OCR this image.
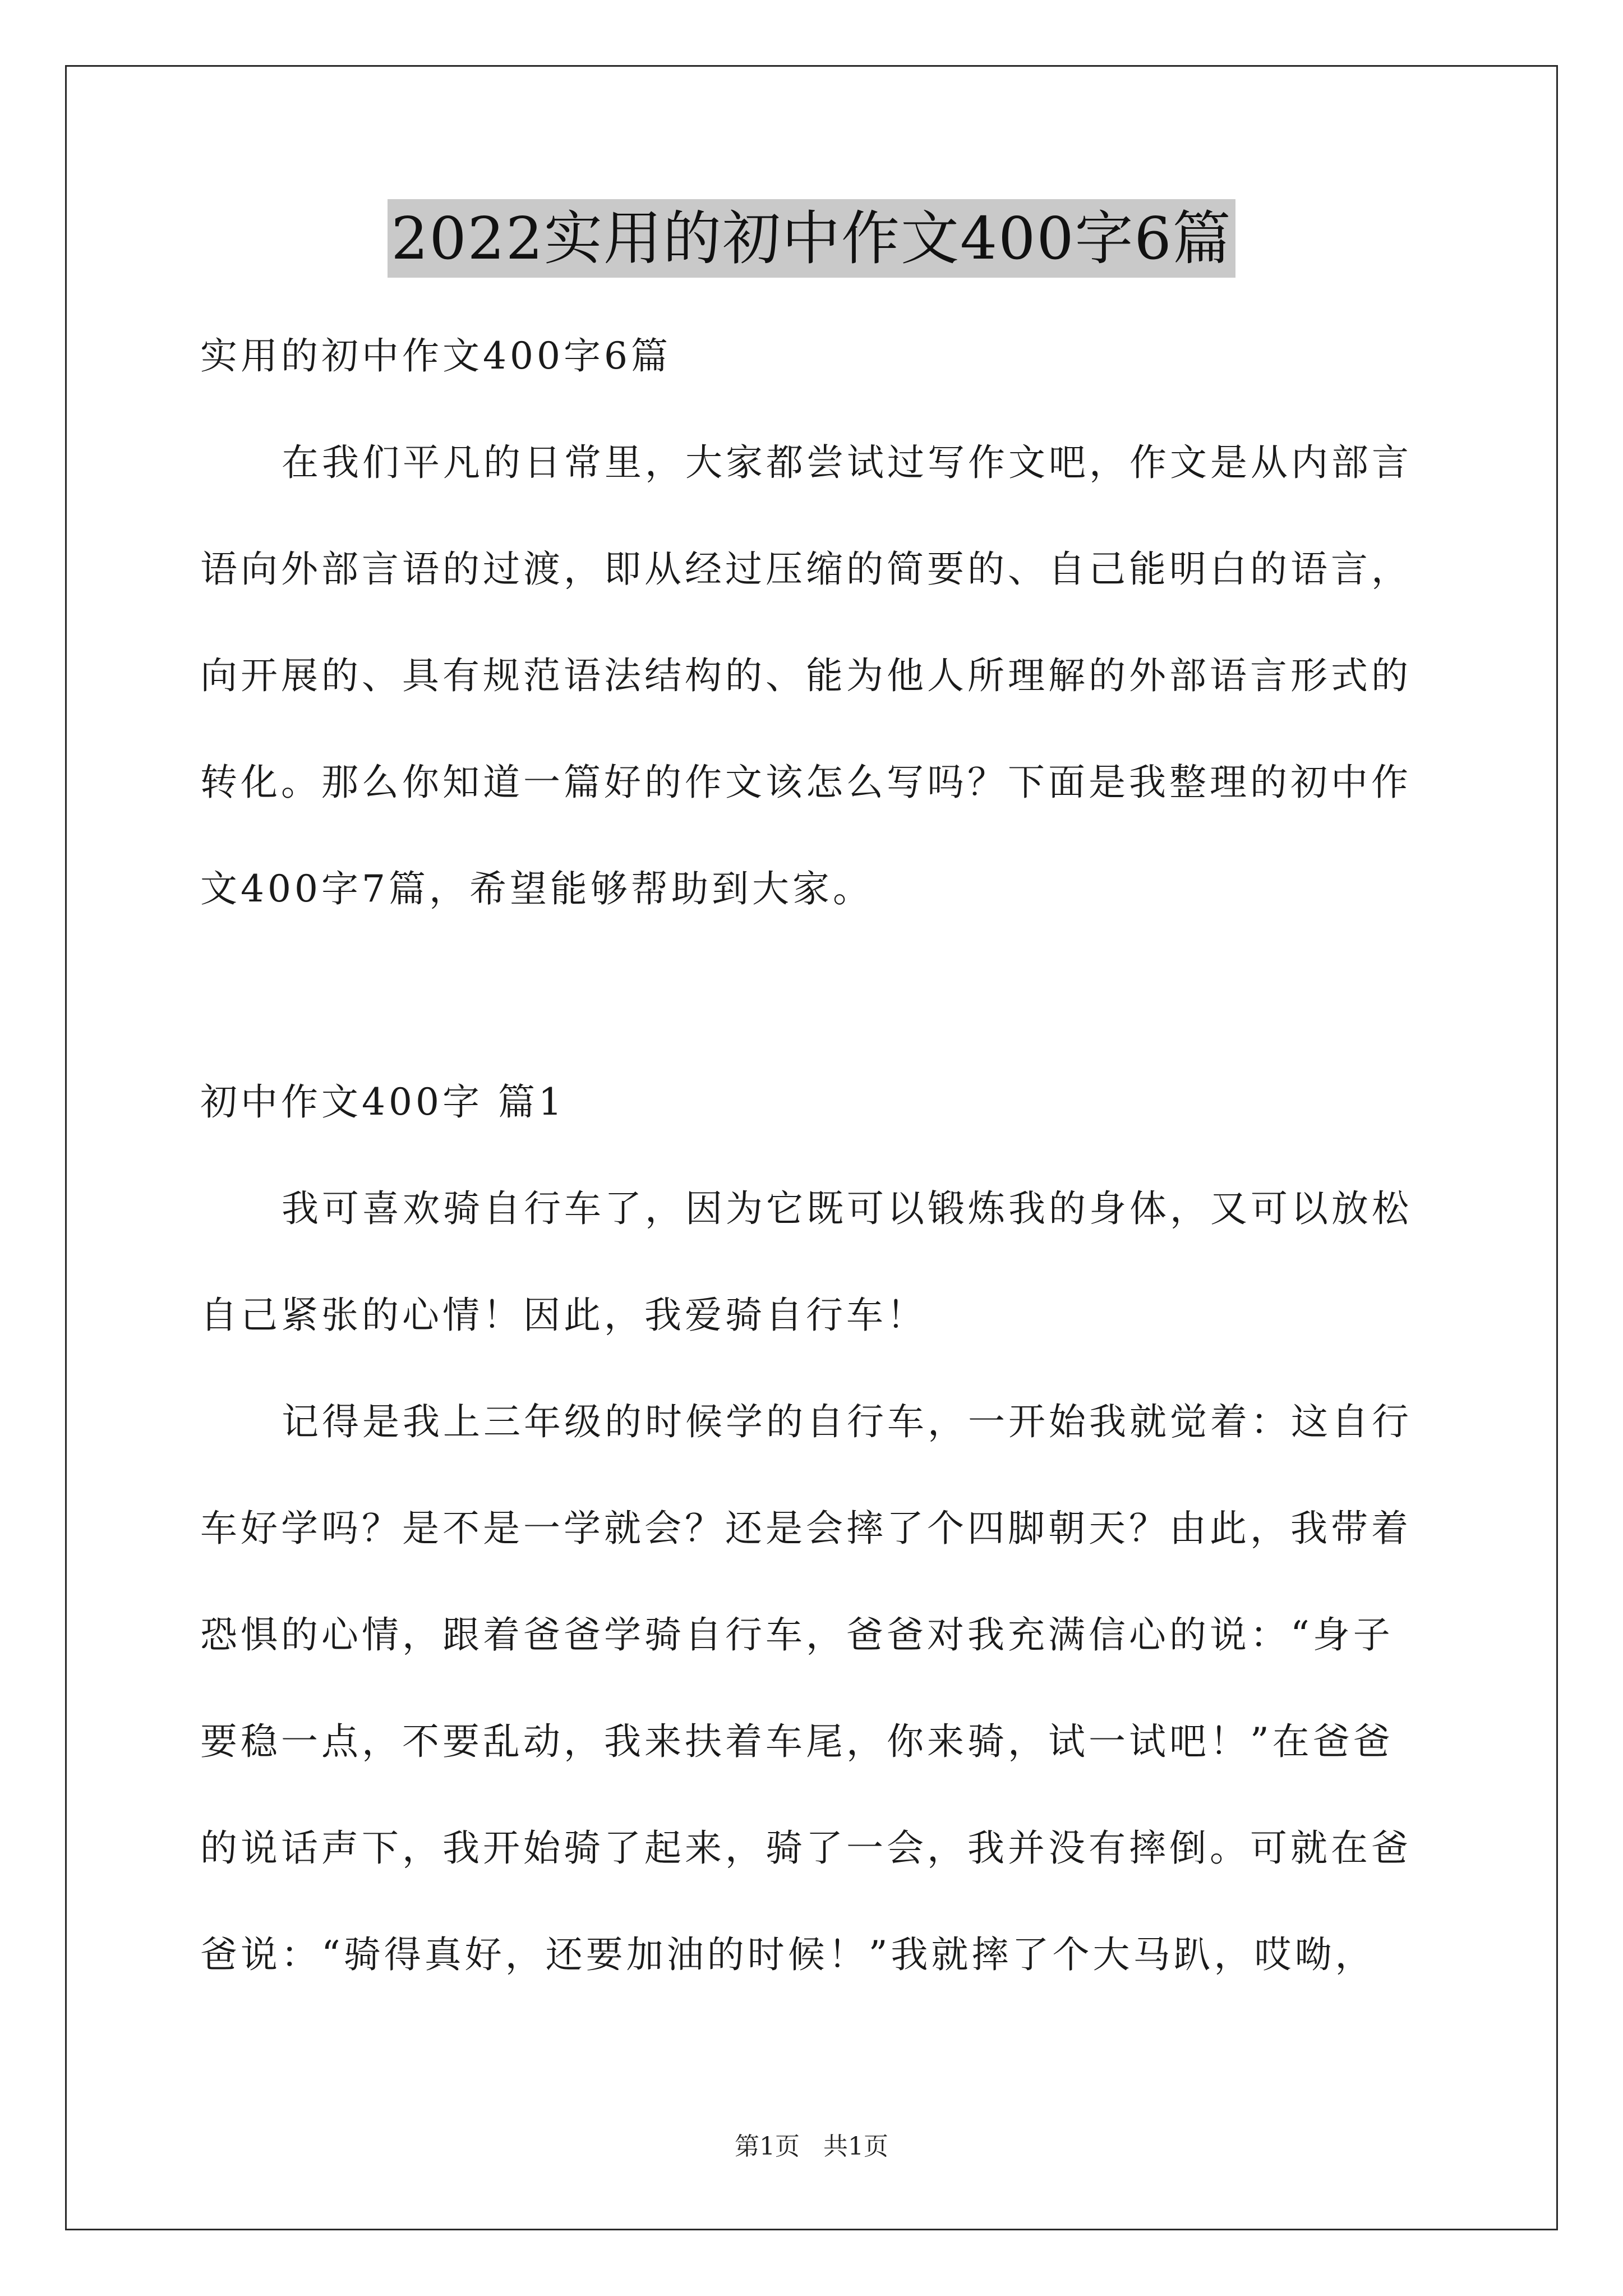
2022实用的初中作文400字6篇
实用的初中作文400字6篇
在我们平凡的日常里，大家都尝试过写作文吧，作文是从内部言
语向外部言语的过渡，即从经过压缩的简要的、自己能明白的语言，
向开展的、具有规范语法结构的、能为他人所理解的外部语言形式的
转化。那么你知道一篇好的作文该怎么写吗？下面是我整理的初中作
文400字7篇，希望能够帮助到大家。
初中作文400字 篇1
我可喜欢骑自行车了，因为它既可以锻炼我的身体，又可以放松
自己紧张的心情！因此，我爱骑自行车！
记得是我上三年级的时候学的自行车，一开始我就觉着：这自行
车好学吗？是不是一学就会？还是会摔了个四脚朝天？由此，我带着
恐惧的心情，跟着爸爸学骑自行车，爸爸对我充满信心的说：“身子
要稳一点，不要乱动，我来扶着车尾，你来骑，试一试吧！”在爸爸
的说话声下，我开始骑了起来，骑了一会，我并没有摔倒。可就在爸
爸说：“骑得真好，还要加油的时候！”我就摔了个大马趴，哎呦，
第1页 共1页
